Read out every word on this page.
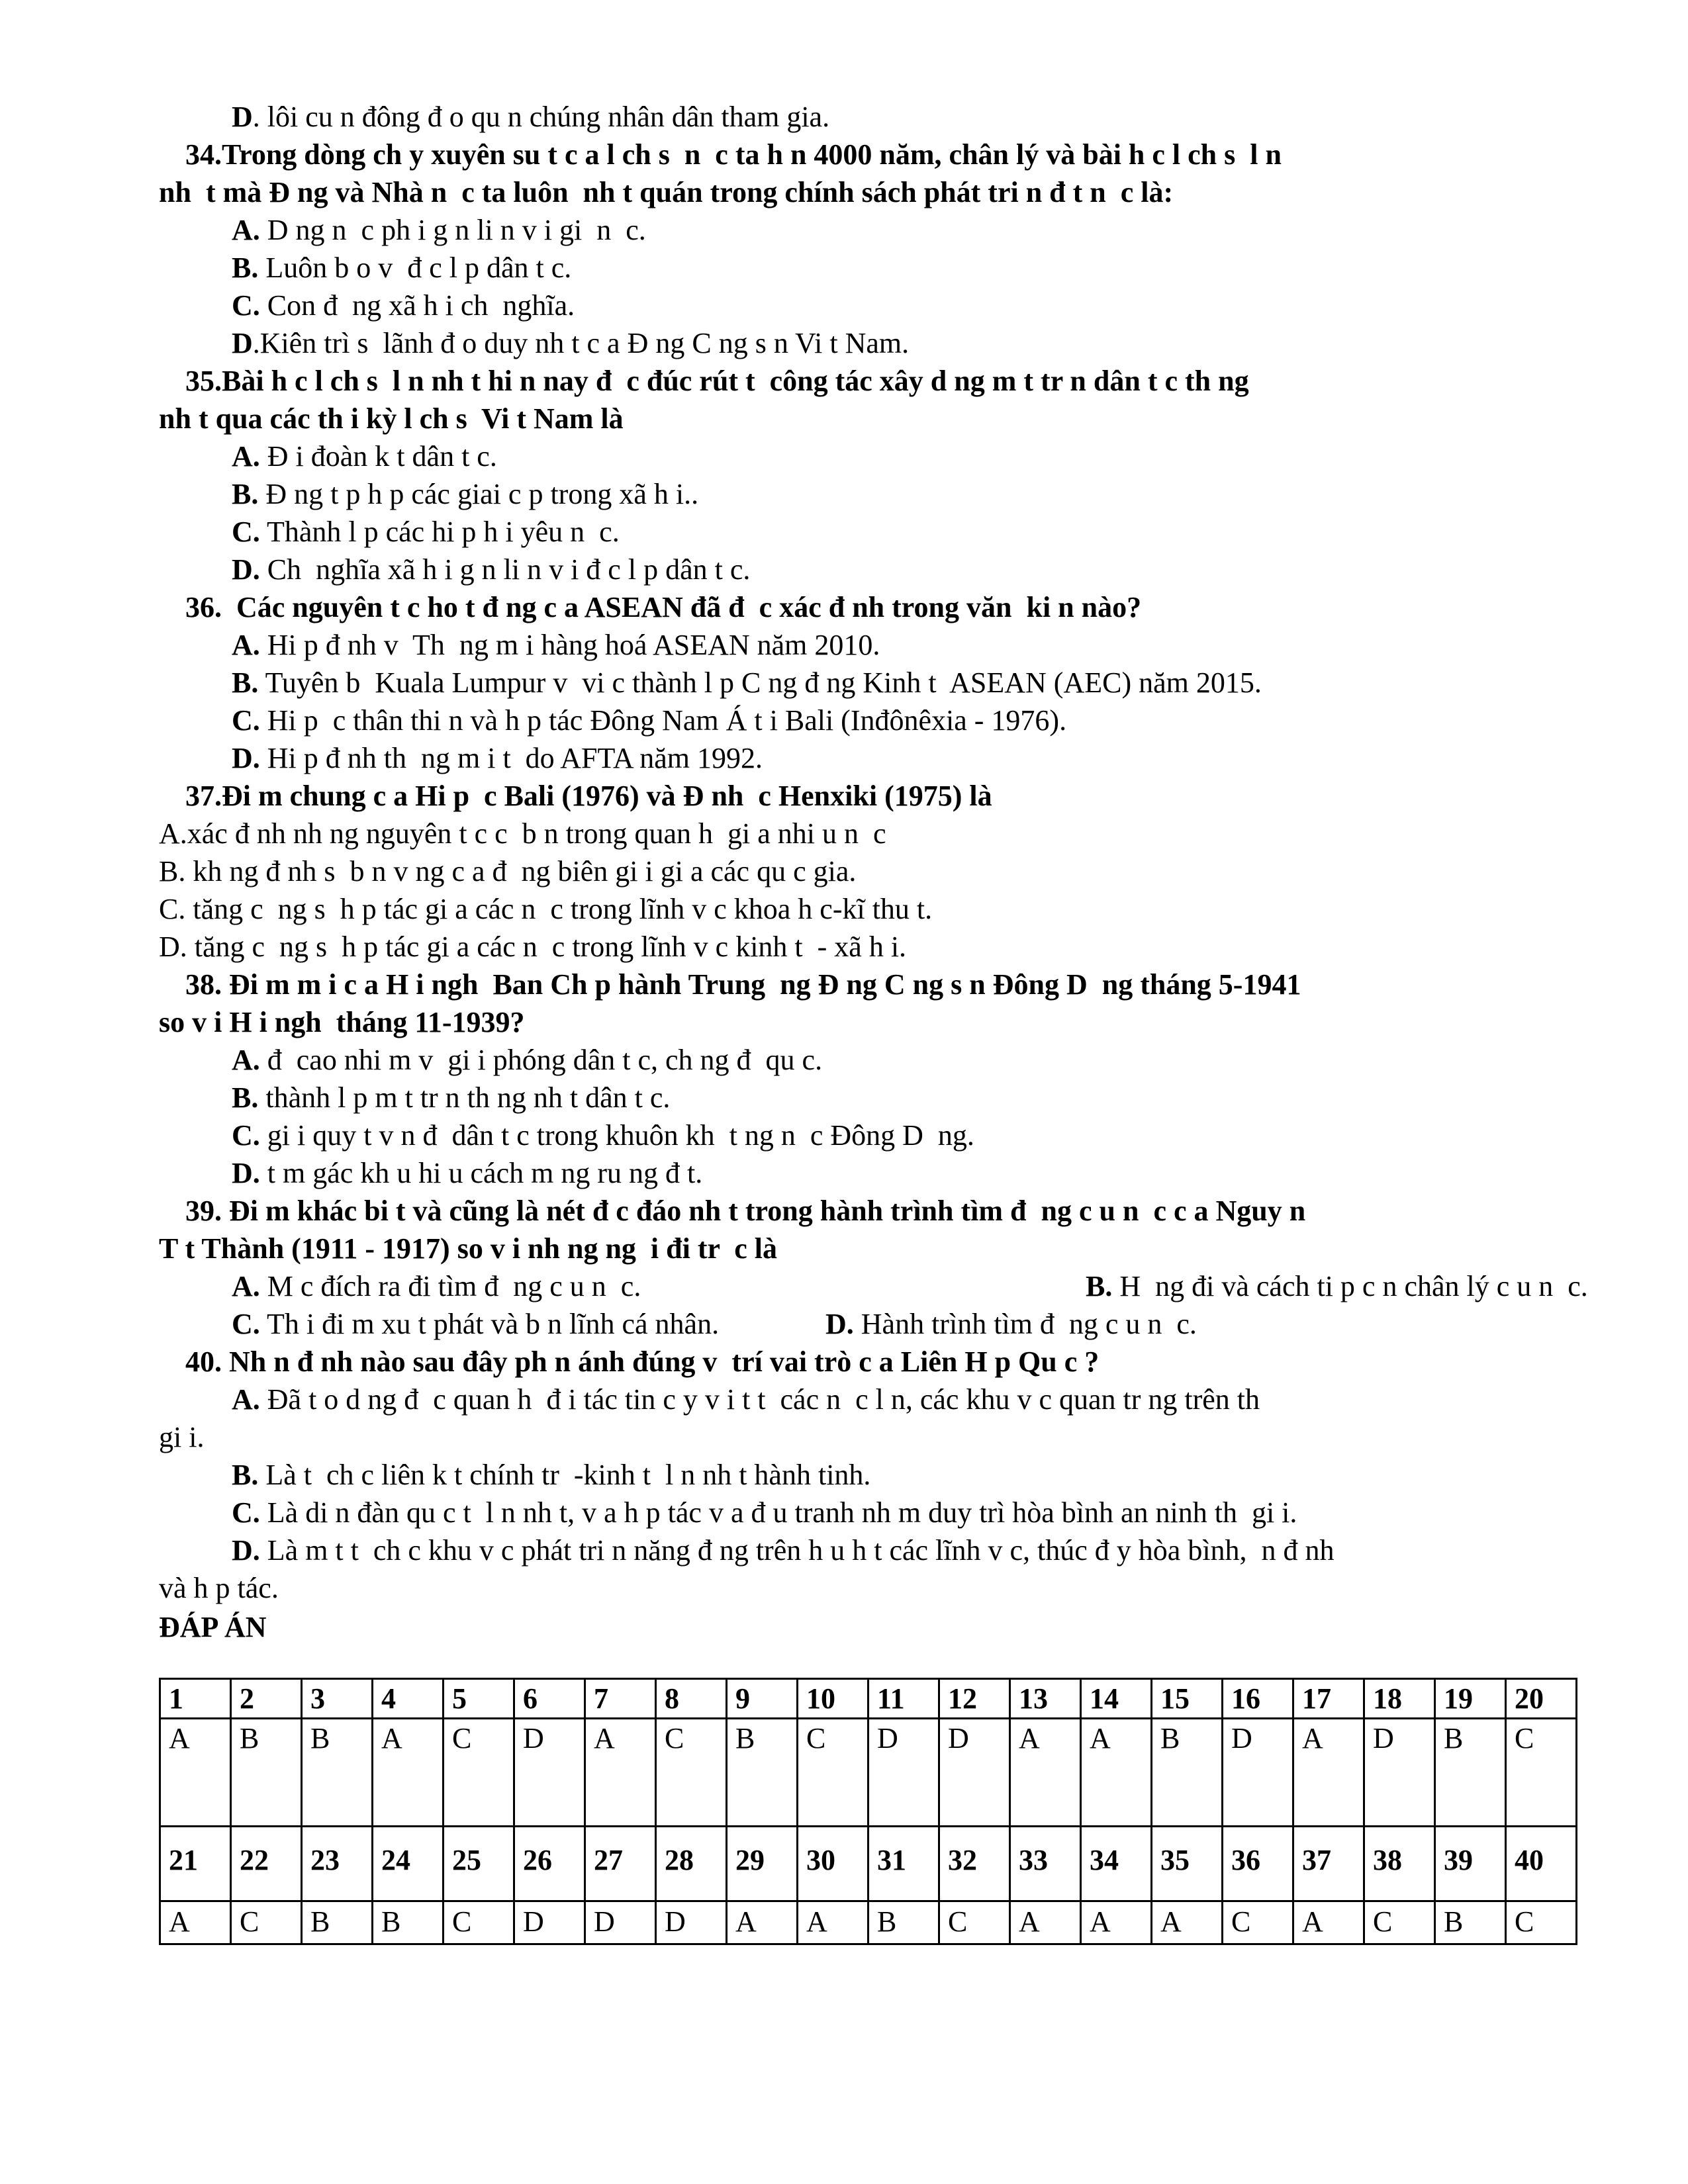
D. lôi cu n đông đ o qu n chúng nhân dân tham gia.
34.Trong dòng ch y xuyên su t c a l ch s  n  c ta h n 4000 năm, chân lý và bài h c l ch s  l n
nh  t mà Đ ng và Nhà n  c ta luôn  nh t quán trong chính sách phát tri n đ t n  c là:
A. D ng n  c ph i g n li n v i gi  n  c.
B. Luôn b o v  đ c l p dân t c.
C. Con đ  ng xã h i ch  nghĩa.
D.Kiên trì s  lãnh đ o duy nh t c a Đ ng C ng s n Vi t Nam.
35.Bài h c l ch s  l n nh t hi n nay đ  c đúc rút t  công tác xây d ng m t tr n dân t c th ng
nh t qua các th i kỳ l ch s  Vi t Nam là
A. Đ i đoàn k t dân t c.
B. Đ ng t p h p các giai c p trong xã h i..
C. Thành l p các hi p h i yêu n  c.
D. Ch  nghĩa xã h i g n li n v i đ c l p dân t c.
36.  Các nguyên t c ho t đ ng c a ASEAN đã đ  c xác đ nh trong văn  ki n nào?
A. Hi p đ nh v  Th  ng m i hàng hoá ASEAN năm 2010.
B. Tuyên b  Kuala Lumpur v  vi c thành l p C ng đ ng Kinh t  ASEAN (AEC) năm 2015.
C. Hi p  c thân thi n và h p tác Đông Nam Á t i Bali (Inđônêxia - 1976).
D. Hi p đ nh th  ng m i t  do AFTA năm 1992.
37.Đi m chung c a Hi p  c Bali (1976) và Đ nh  c Henxiki (1975) là
A.xác đ nh nh ng nguyên t c c  b n trong quan h  gi a nhi u n  c
B. kh ng đ nh s  b n v ng c a đ  ng biên gi i gi a các qu c gia.
C. tăng c  ng s  h p tác gi a các n  c trong lĩnh v c khoa h c-kĩ thu t.
D. tăng c  ng s  h p tác gi a các n  c trong lĩnh v c kinh t  - xã h i.
38. Đi m m i c a H i ngh  Ban Ch p hành Trung  ng Đ ng C ng s n Đông D  ng tháng 5-1941
so v i H i ngh  tháng 11-1939?
A. đ  cao nhi m v  gi i phóng dân t c, ch ng đ  qu c.
B. thành l p m t tr n th ng nh t dân t c.
C. gi i quy t v n đ  dân t c trong khuôn kh  t ng n  c Đông D  ng.
D. t m gác kh u hi u cách m ng ru ng đ t.
39. Đi m khác bi t và cũng là nét đ c đáo nh t trong hành trình tìm đ  ng c u n  c c a Nguy n
T t Thành (1911 - 1917) so v i nh ng ng  i đi tr  c là
A. M c đích ra đi tìm đ  ng c u n  c.	B. H  ng đi và cách ti p c n chân lý c u n  c.
C. Th i đi m xu t phát và b n lĩnh cá nhân.	D. Hành trình tìm đ  ng c u n  c.
40. Nh n đ nh nào sau đây ph n ánh đúng v  trí vai trò c a Liên H p Qu c ?
A. Đã t o d ng đ  c quan h  đ i tác tin c y v i t t  các n  c l n, các khu v c quan tr ng trên th
gi i.
B. Là t  ch c liên k t chính tr  -kinh t  l n nh t hành tinh.
C. Là di n đàn qu c t  l n nh t, v a h p tác v a đ u tranh nh m duy trì hòa bình an ninh th  gi i.
D. Là m t t  ch c khu v c phát tri n năng đ ng trên h u h t các lĩnh v c, thúc đ y hòa bình,  n đ nh
và h p tác.
ĐÁP ÁN
1	2	3	4	5	6	7	8	9	10	11	12	13	14	15	16	17	18	19	20
A	B	B	A	C	D	A	C	B	C	D	D	A	A	B	D	A	D	B	C
21	22	23	24	25	26	27	28	29	30	31	32	33	34	35	36	37	38	39	40
A	C	B	B	C	D	D	D	A	A	B	C	A	A	A	C	A	C	B	C
